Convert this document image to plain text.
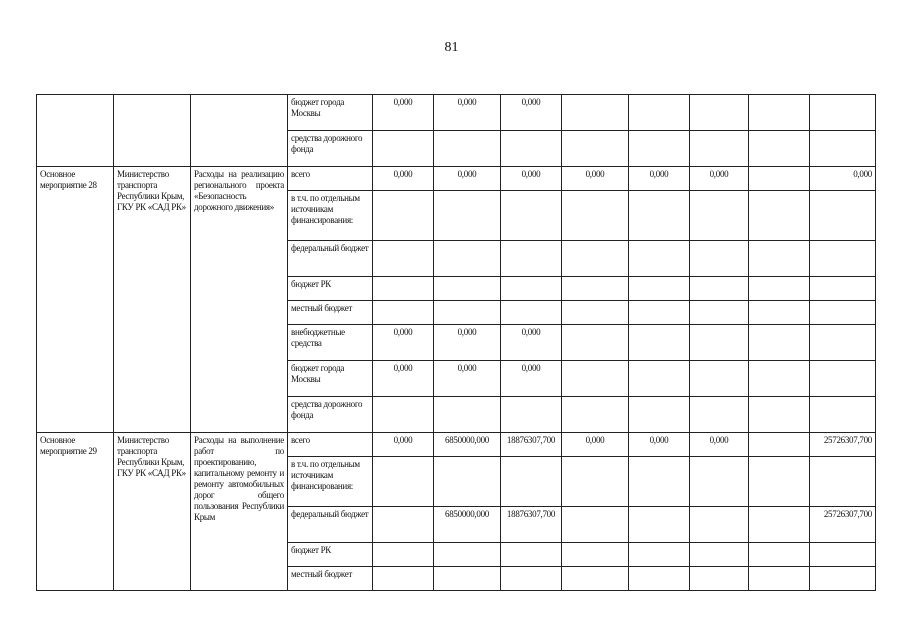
81
			бюджет города Москвы	0,000	0,000	0,000					
			средства дорожного фонда								
Основное мероприятие 28	Министерство транспорта Республики Крым, ГКУ РК «САД РК»	Расходы на реализацию регионального проекта «Безопасность дорожного движения»	всего	0,000	0,000	0,000	0,000	0,000	0,000		0,000
			в т.ч. по отдельным источникам финансирования:								
			федеральный бюджет								
			бюджет РК								
			местный бюджет								
			внебюджетные средства	0,000	0,000	0,000					
			бюджет города Москвы	0,000	0,000	0,000					
			средства дорожного фонда								
Основное мероприятие 29	Министерство транспорта Республики Крым, ГКУ РК «САД РК»	Расходы на выполнение работ по проектированию, капитальному ремонту и ремонту автомобильных дорог общего пользования Республики Крым	всего	0,000	6850000,000	18876307,700	0,000	0,000	0,000		25726307,700
			в т.ч. по отдельным источникам финансирования:								
			федеральный бюджет		6850000,000	18876307,700					25726307,700
			бюджет РК								
			местный бюджет								
